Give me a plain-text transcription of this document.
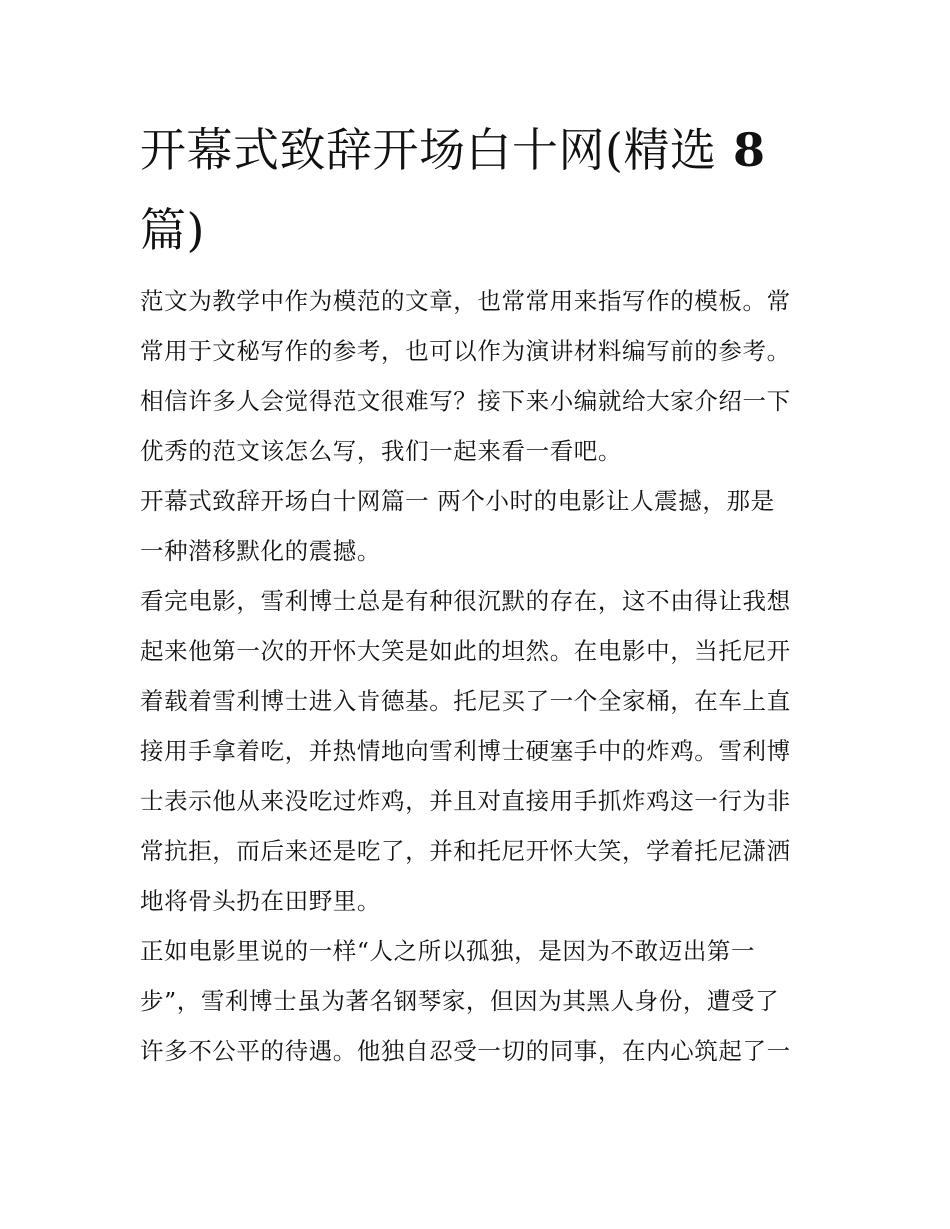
开幕式致辞开场白十网(精选 8
篇)
范文为教学中作为模范的文章，也常常用来指写作的模板。常
常用于文秘写作的参考，也可以作为演讲材料编写前的参考。
相信许多人会觉得范文很难写？接下来小编就给大家介绍一下
优秀的范文该怎么写，我们一起来看一看吧。
开幕式致辞开场白十网篇一 两个小时的电影让人震撼，那是
一种潜移默化的震撼。
看完电影，雪利博士总是有种很沉默的存在，这不由得让我想
起来他第一次的开怀大笑是如此的坦然。在电影中，当托尼开
着载着雪利博士进入肯德基。托尼买了一个全家桶，在车上直
接用手拿着吃，并热情地向雪利博士硬塞手中的炸鸡。雪利博
士表示他从来没吃过炸鸡，并且对直接用手抓炸鸡这一行为非
常抗拒，而后来还是吃了，并和托尼开怀大笑，学着托尼潇洒
地将骨头扔在田野里。
正如电影里说的一样“人之所以孤独，是因为不敢迈出第一
步”，雪利博士虽为著名钢琴家，但因为其黑人身份，遭受了
许多不公平的待遇。他独自忍受一切的同事，在内心筑起了一
